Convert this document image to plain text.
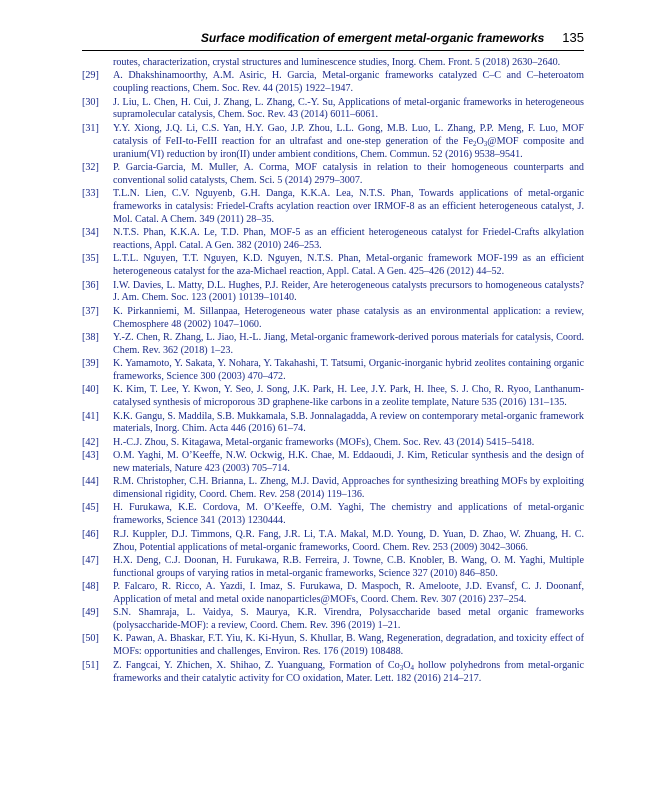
Surface modification of emergent metal-organic frameworks 135
routes, characterization, crystal structures and luminescence studies, Inorg. Chem. Front. 5 (2018) 2630–2640.
[29]	A. Dhakshinamoorthy, A.M. Asiric, H. Garcia, Metal-organic frameworks catalyzed C–C and C–heteroatom coupling reactions, Chem. Soc. Rev. 44 (2015) 1922–1947.
[30]	J. Liu, L. Chen, H. Cui, J. Zhang, L. Zhang, C.-Y. Su, Applications of metal-organic frameworks in heterogeneous supramolecular catalysis, Chem. Soc. Rev. 43 (2014) 6011–6061.
[31]	Y.Y. Xiong, J.Q. Li, C.S. Yan, H.Y. Gao, J.P. Zhou, L.L. Gong, M.B. Luo, L. Zhang, P.P. Meng, F. Luo, MOF catalysis of FeII-to-FeIII reaction for an ultrafast and one-step generation of the $Fe_2O_3@MOF$ composite and uranium(VI) reduction by iron(II) under ambient conditions, Chem. Commun. 52 (2016) 9538–9541.
[32]	P. Garcia-Garcia, M. Muller, A. Corma, MOF catalysis in relation to their homogeneous counterparts and conventional solid catalysts, Chem. Sci. 5 (2014) 2979–3007.
[33]	T.L.N. Lien, C.V. Nguyenb, G.H. Danga, K.K.A. Lea, N.T.S. Phan, Towards applications of metal-organic frameworks in catalysis: Friedel-Crafts acylation reaction over IRMOF-8 as an efficient heterogeneous catalyst, J. Mol. Catal. A Chem. 349 (2011) 28–35.
[34]	N.T.S. Phan, K.K.A. Le, T.D. Phan, MOF-5 as an efficient heterogeneous catalyst for Friedel-Crafts alkylation reactions, Appl. Catal. A Gen. 382 (2010) 246–253.
[35]	L.T.L. Nguyen, T.T. Nguyen, K.D. Nguyen, N.T.S. Phan, Metal-organic framework MOF-199 as an efficient heterogeneous catalyst for the aza-Michael reaction, Appl. Catal. A Gen. 425–426 (2012) 44–52.
[36]	I.W. Davies, L. Matty, D.L. Hughes, P.J. Reider, Are heterogeneous catalysts precursors to homogeneous catalysts? J. Am. Chem. Soc. 123 (2001) 10139–10140.
[37]	K. Pirkanniemi, M. Sillanpaa, Heterogeneous water phase catalysis as an environmental application: a review, Chemosphere 48 (2002) 1047–1060.
[38]	Y.-Z. Chen, R. Zhang, L. Jiao, H.-L. Jiang, Metal-organic framework-derived porous materials for catalysis, Coord. Chem. Rev. 362 (2018) 1–23.
[39]	K. Yamamoto, Y. Sakata, Y. Nohara, Y. Takahashi, T. Tatsumi, Organic-inorganic hybrid zeolites containing organic frameworks, Science 300 (2003) 470–472.
[40]	K. Kim, T. Lee, Y. Kwon, Y. Seo, J. Song, J.K. Park, H. Lee, J.Y. Park, H. Ihee, S. J. Cho, R. Ryoo, Lanthanum-catalysed synthesis of microporous 3D graphene-like carbons in a zeolite template, Nature 535 (2016) 131–135.
[41]	K.K. Gangu, S. Maddila, S.B. Mukkamala, S.B. Jonnalagadda, A review on contemporary metal-organic framework materials, Inorg. Chim. Acta 446 (2016) 61–74.
[42]	H.-C.J. Zhou, S. Kitagawa, Metal-organic frameworks (MOFs), Chem. Soc. Rev. 43 (2014) 5415–5418.
[43]	O.M. Yaghi, M. O’Keeffe, N.W. Ockwig, H.K. Chae, M. Eddaoudi, J. Kim, Reticular synthesis and the design of new materials, Nature 423 (2003) 705–714.
[44]	R.M. Christopher, C.H. Brianna, L. Zheng, M.J. David, Approaches for synthesizing breathing MOFs by exploiting dimensional rigidity, Coord. Chem. Rev. 258 (2014) 119–136.
[45]	H. Furukawa, K.E. Cordova, M. O’Keeffe, O.M. Yaghi, The chemistry and applications of metal-organic frameworks, Science 341 (2013) 1230444.
[46]	R.J. Kuppler, D.J. Timmons, Q.R. Fang, J.R. Li, T.A. Makal, M.D. Young, D. Yuan, D. Zhao, W. Zhuang, H. C. Zhou, Potential applications of metal-organic frameworks, Coord. Chem. Rev. 253 (2009) 3042–3066.
[47]	H.X. Deng, C.J. Doonan, H. Furukawa, R.B. Ferreira, J. Towne, C.B. Knobler, B. Wang, O. M. Yaghi, Multiple functional groups of varying ratios in metal-organic frameworks, Science 327 (2010) 846–850.
[48]	P. Falcaro, R. Ricco, A. Yazdi, I. Imaz, S. Furukawa, D. Maspoch, R. Ameloote, J.D. Evansf, C. J. Doonanf, Application of metal and metal oxide nanoparticles@MOFs, Coord. Chem. Rev. 307 (2016) 237–254.
[49]	S.N. Shamraja, L. Vaidya, S. Maurya, K.R. Virendra, Polysaccharide based metal organic frameworks (polysaccharide-MOF): a review, Coord. Chem. Rev. 396 (2019) 1–21.
[50]	K. Pawan, A. Bhaskar, F.T. Yiu, K. Ki-Hyun, S. Khullar, B. Wang, Regeneration, degradation, and toxicity effect of MOFs: opportunities and challenges, Environ. Res. 176 (2019) 108488.
[51]	Z. Fangcai, Y. Zhichen, X. Shihao, Z. Yuanguang, Formation of $Co_3O_4$ hollow polyhedrons from metal-organic frameworks and their catalytic activity for CO oxidation, Mater. Lett. 182 (2016) 214–217.
